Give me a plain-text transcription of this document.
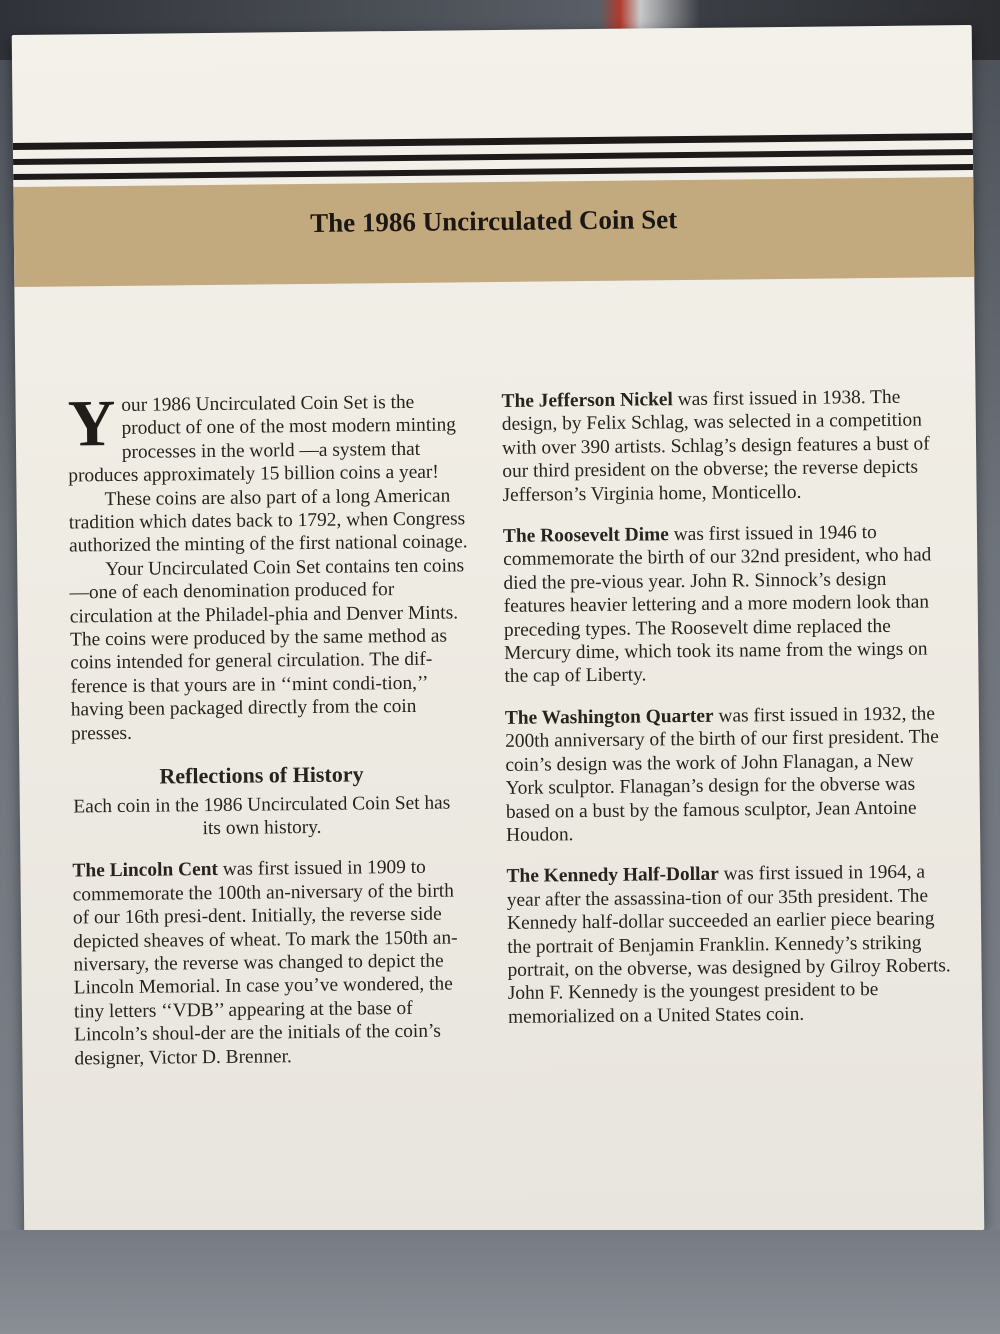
The 1986 Uncirculated Coin Set

Your 1986 Uncirculated Coin Set is the product of one of the most modern minting processes in the world —a system that produces approximately 15 billion coins a year!

These coins are also part of a long American tradition which dates back to 1792, when Congress authorized the minting of the first national coinage.

Your Uncirculated Coin Set contains ten coins—one of each denomination produced for circulation at the Philadel-phia and Denver Mints. The coins were produced by the same method as coins intended for general circulation. The dif-ference is that yours are in ‘‘mint condi-tion,’’ having been packaged directly from the coin presses.

Reflections of History

Each coin in the 1986 Uncirculated Coin Set has its own history.

The Lincoln Cent was first issued in 1909 to commemorate the 100th an-niversary of the birth of our 16th presi-dent. Initially, the reverse side depicted sheaves of wheat. To mark the 150th an-niversary, the reverse was changed to depict the Lincoln Memorial. In case you’ve wondered, the tiny letters ‘‘VDB’’ appearing at the base of Lincoln’s shoul-der are the initials of the coin’s designer, Victor D. Brenner.

The Jefferson Nickel was first issued in 1938. The design, by Felix Schlag, was selected in a competition with over 390 artists. Schlag’s design features a bust of our third president on the obverse; the reverse depicts Jefferson’s Virginia home, Monticello.

The Roosevelt Dime was first issued in 1946 to commemorate the birth of our 32nd president, who had died the pre-vious year. John R. Sinnock’s design features heavier lettering and a more modern look than preceding types. The Roosevelt dime replaced the Mercury dime, which took its name from the wings on the cap of Liberty.

The Washington Quarter was first issued in 1932, the 200th anniversary of the birth of our first president. The coin’s design was the work of John Flanagan, a New York sculptor. Flanagan’s design for the obverse was based on a bust by the famous sculptor, Jean Antoine Houdon.

The Kennedy Half-Dollar was first issued in 1964, a year after the assassina-tion of our 35th president. The Kennedy half-dollar succeeded an earlier piece bearing the portrait of Benjamin Franklin. Kennedy’s striking portrait, on the obverse, was designed by Gilroy Roberts. John F. Kennedy is the youngest president to be memorialized on a United States coin.
